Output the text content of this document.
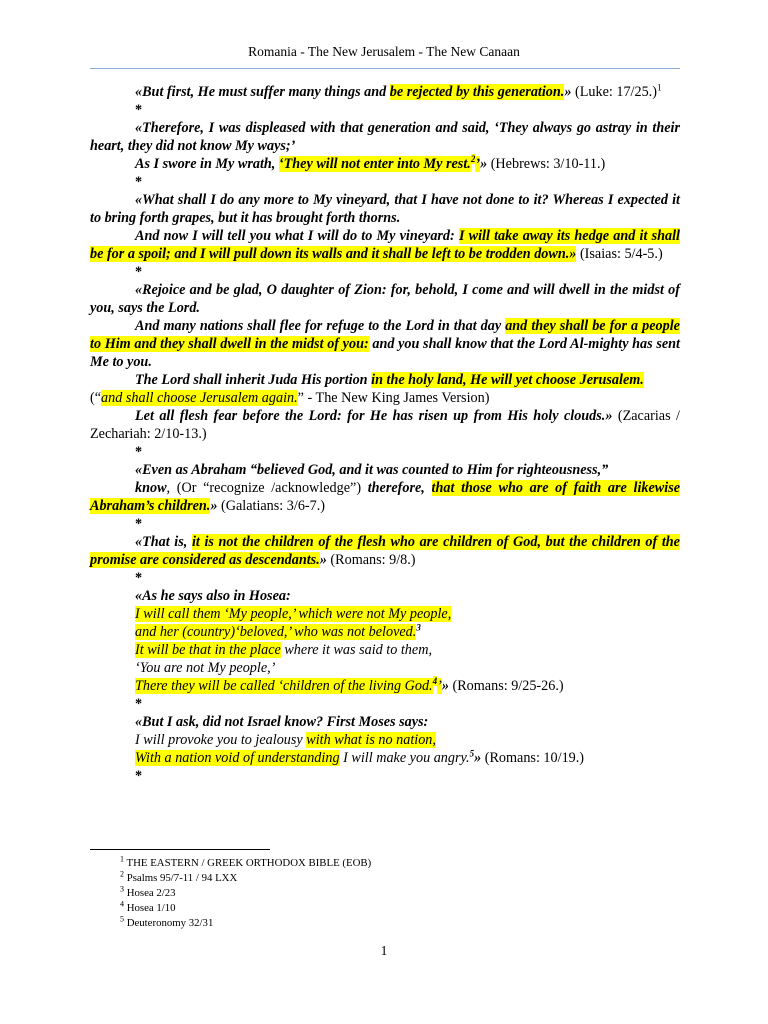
Romania - The New Jerusalem - The New Canaan

«But first, He must suffer many things and be rejected by this generation.» (Luke: 17/25.)$^1$

*

«Therefore, I was displeased with that generation and said, ‘They always go astray in their heart, they did not know My ways;’

As I swore in My wrath, ‘They will not enter into My rest.$^2$’» (Hebrews: 3/10-11.)

*

«What shall I do any more to My vineyard, that I have not done to it? Whereas I expected it to bring forth grapes, but it has brought forth thorns.

And now I will tell you what I will do to My vineyard: I will take away its hedge and it shall be for a spoil; and I will pull down its walls and it shall be left to be trodden down.» (Isaias: 5/4-5.)

*

«Rejoice and be glad, O daughter of Zion: for, behold, I come and will dwell in the midst of you, says the Lord.

And many nations shall flee for refuge to the Lord in that day and they shall be for a people to Him and they shall dwell in the midst of you: and you shall know that the Lord Al-mighty has sent Me to you.

The Lord shall inherit Juda His portion in the holy land, He will yet choose Jerusalem.

(“and shall choose Jerusalem again.” - The New King James Version)

Let all flesh fear before the Lord: for He has risen up from His holy clouds.» (Zacarias / Zechariah: 2/10-13.)

*

«Even as Abraham “believed God, and it was counted to Him for righteousness,”

know, (Or “recognize /acknowledge”) therefore, that those who are of faith are likewise Abraham’s children.» (Galatians: 3/6-7.)

*

«That is, it is not the children of the flesh who are children of God, but the children of the promise are considered as descendants.» (Romans: 9/8.)

*

«As he says also in Hosea:

I will call them ‘My people,’ which were not My people,

and her (country)‘beloved,’ who was not beloved.$^3$

It will be that in the place where it was said to them,

‘You are not My people,’

There they will be called ‘children of the living God.$^4$’» (Romans: 9/25-26.)

*

«But I ask, did not Israel know? First Moses says:

I will provoke you to jealousy with what is no nation,

With a nation void of understanding I will make you angry.$^5$» (Romans: 10/19.)

*

$^1$ THE EASTERN / GREEK ORTHODOX BIBLE (EOB)
$^2$ Psalms 95/7-11 / 94 LXX
$^3$ Hosea 2/23
$^4$ Hosea 1/10
$^5$ Deuteronomy 32/31
1
